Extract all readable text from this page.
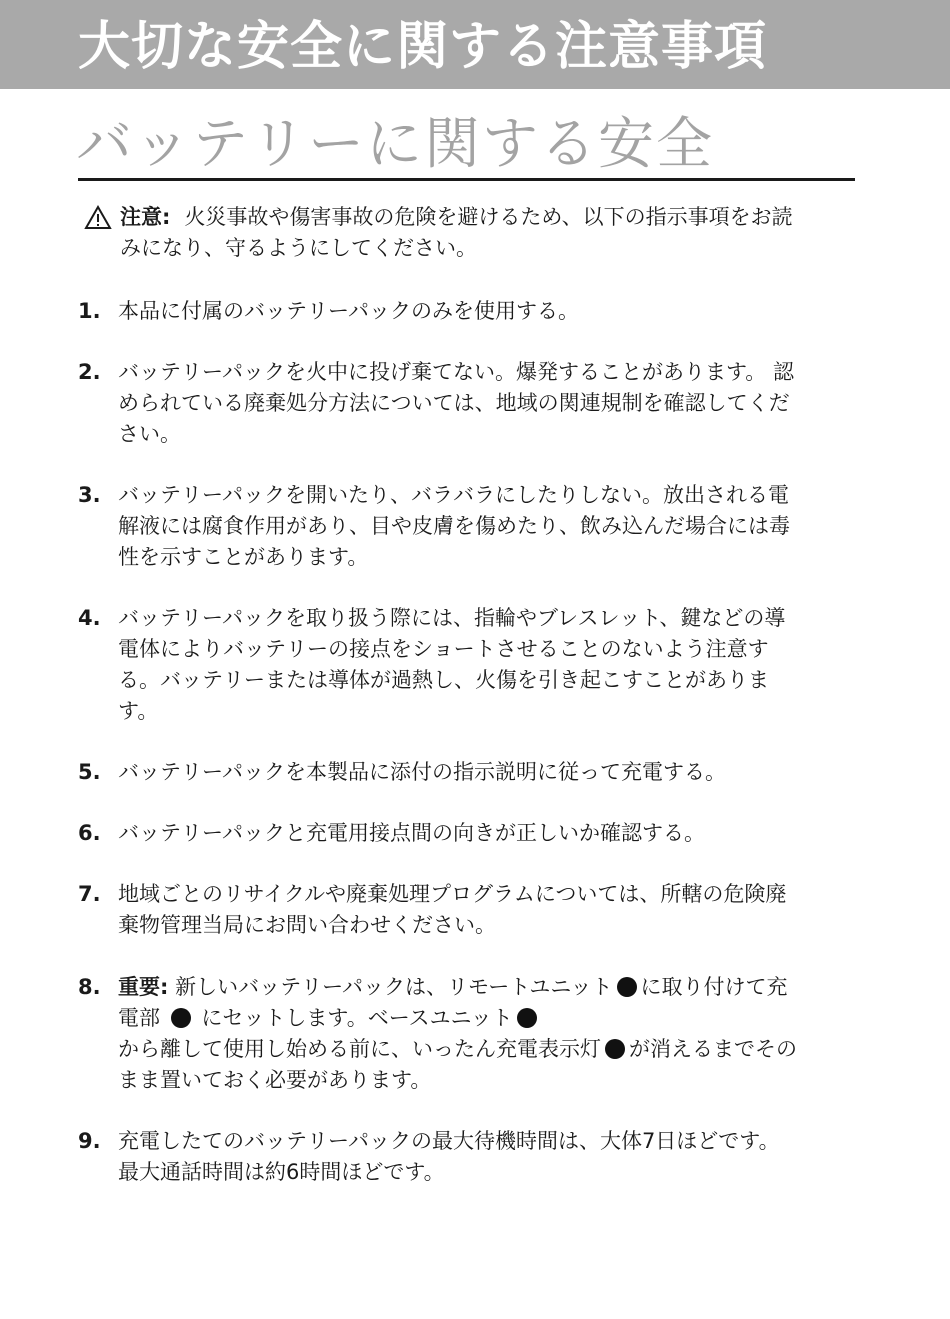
大切な安全に関する注意事項
バッテリーに関する安全
注意: 火災事故や傷害事故の危険を避けるため、以下の指示事項をお読みになり、守るようにしてください。
1. 本品に付属のバッテリーパックのみを使用する。
2. バッテリーパックを火中に投げ棄てない。爆発することがあります。 認められている廃棄処分方法については、地域の関連規制を確認してください。
3. バッテリーパックを開いたり、バラバラにしたりしない。放出される電解液には腐食作用があり、目や皮膚を傷めたり、飲み込んだ場合には毒性を示すことがあります。
4. バッテリーパックを取り扱う際には、指輪やブレスレット、鍵などの導電体によりバッテリーの接点をショートさせることのないよう注意する。バッテリーまたは導体が過熱し、火傷を引き起こすことがあります。
5. バッテリーパックを本製品に添付の指示説明に従って充電する。
6. バッテリーパックと充電用接点間の向きが正しいか確認する。
7. 地域ごとのリサイクルや廃棄処理プログラムについては、所轄の危険廃棄物管理当局にお問い合わせください。
8. 重要: 新しいバッテリーパックは、リモートユニット に取り付けて充電部 にセットします。ベースユニット
から離して使用し始める前に、いったん充電表示灯 が消えるまでそのまま置いておく必要があります。
9. 充電したてのバッテリーパックの最大待機時間は、大体7日ほどです。最大通話時間は約6時間ほどです。
